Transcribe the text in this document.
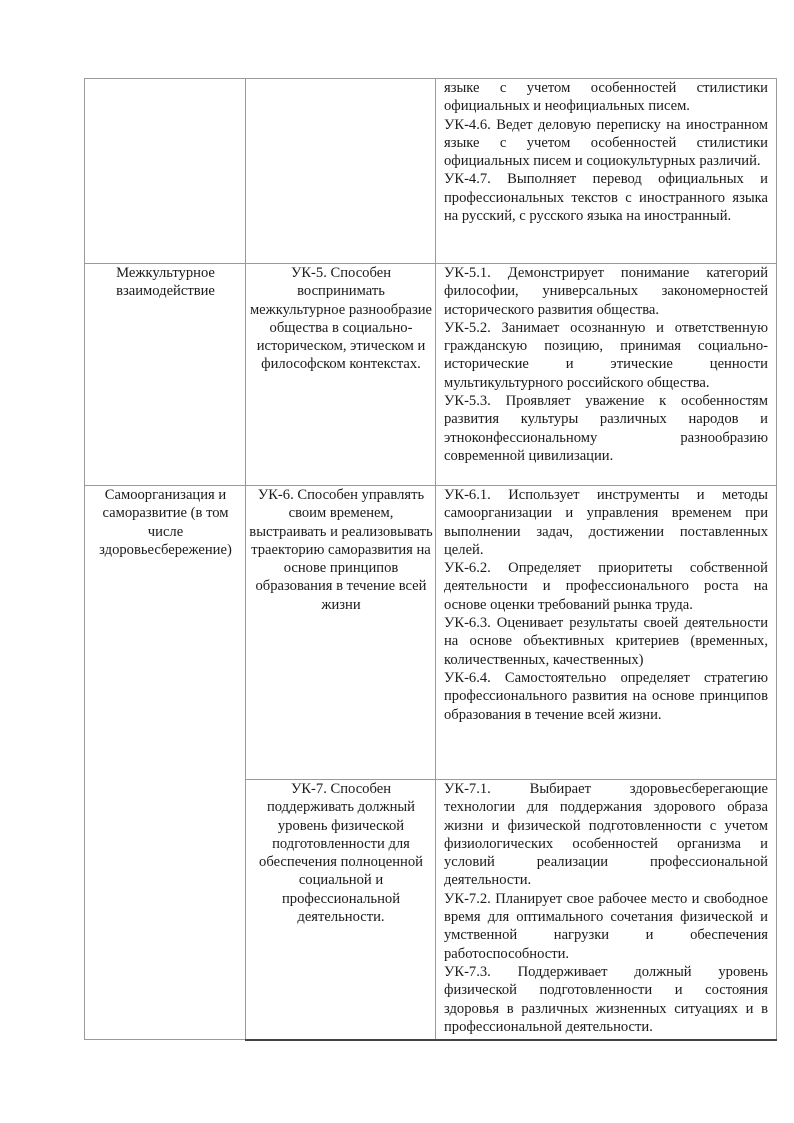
		языке с учетом особенностей стилистики официальных и неофициальных писем.
УК-4.6. Ведет деловую переписку на иностранном языке с учетом особенностей стилистики официальных писем и социокультурных различий.
УК-4.7. Выполняет перевод официальных и профессиональных текстов с иностранного языка на русский, с русского языка на иностранный.

Межкультурное взаимодействие	УК-5. Способен воспринимать межкультурное разнообразие общества в социально-историческом, этическом и философском контекстах.	УК-5.1. Демонстрирует понимание категорий философии, универсальных закономерностей исторического развития общества.
УК-5.2. Занимает осознанную и ответственную гражданскую позицию, принимая социально-исторические и этические ценности мультикультурного российского общества.
УК-5.3. Проявляет уважение к особенностям развития культуры различных народов и этноконфессиональному разнообразию современной цивилизации.

Самоорганизация и саморазвитие (в том числе здоровьесбережение)	УК-6. Способен управлять своим временем, выстраивать и реализовывать траекторию саморазвития на основе принципов образования в течение всей жизни	УК-6.1. Использует инструменты и методы самоорганизации и управления временем при выполнении задач, достижении поставленных целей.
УК-6.2. Определяет приоритеты собственной деятельности и профессионального роста на основе оценки требований рынка труда.
УК-6.3. Оценивает результаты своей деятельности на основе объективных критериев (временных, количественных, качественных)
УК-6.4. Самостоятельно определяет стратегию профессионального развития на основе принципов образования в течение всей жизни.

	УК-7. Способен поддерживать должный уровень физической подготовленности для обеспечения полноценной социальной и профессиональной деятельности.	УК-7.1. Выбирает здоровьесберегающие технологии для поддержания здорового образа жизни и физической подготовленности с учетом физиологических особенностей организма и условий реализации профессиональной деятельности.
УК-7.2. Планирует свое рабочее место и свободное время для оптимального сочетания физической и умственной нагрузки и обеспечения работоспособности.
УК-7.3. Поддерживает должный уровень физической подготовленности и состояния здоровья в различных жизненных ситуациях и в профессиональной деятельности.
